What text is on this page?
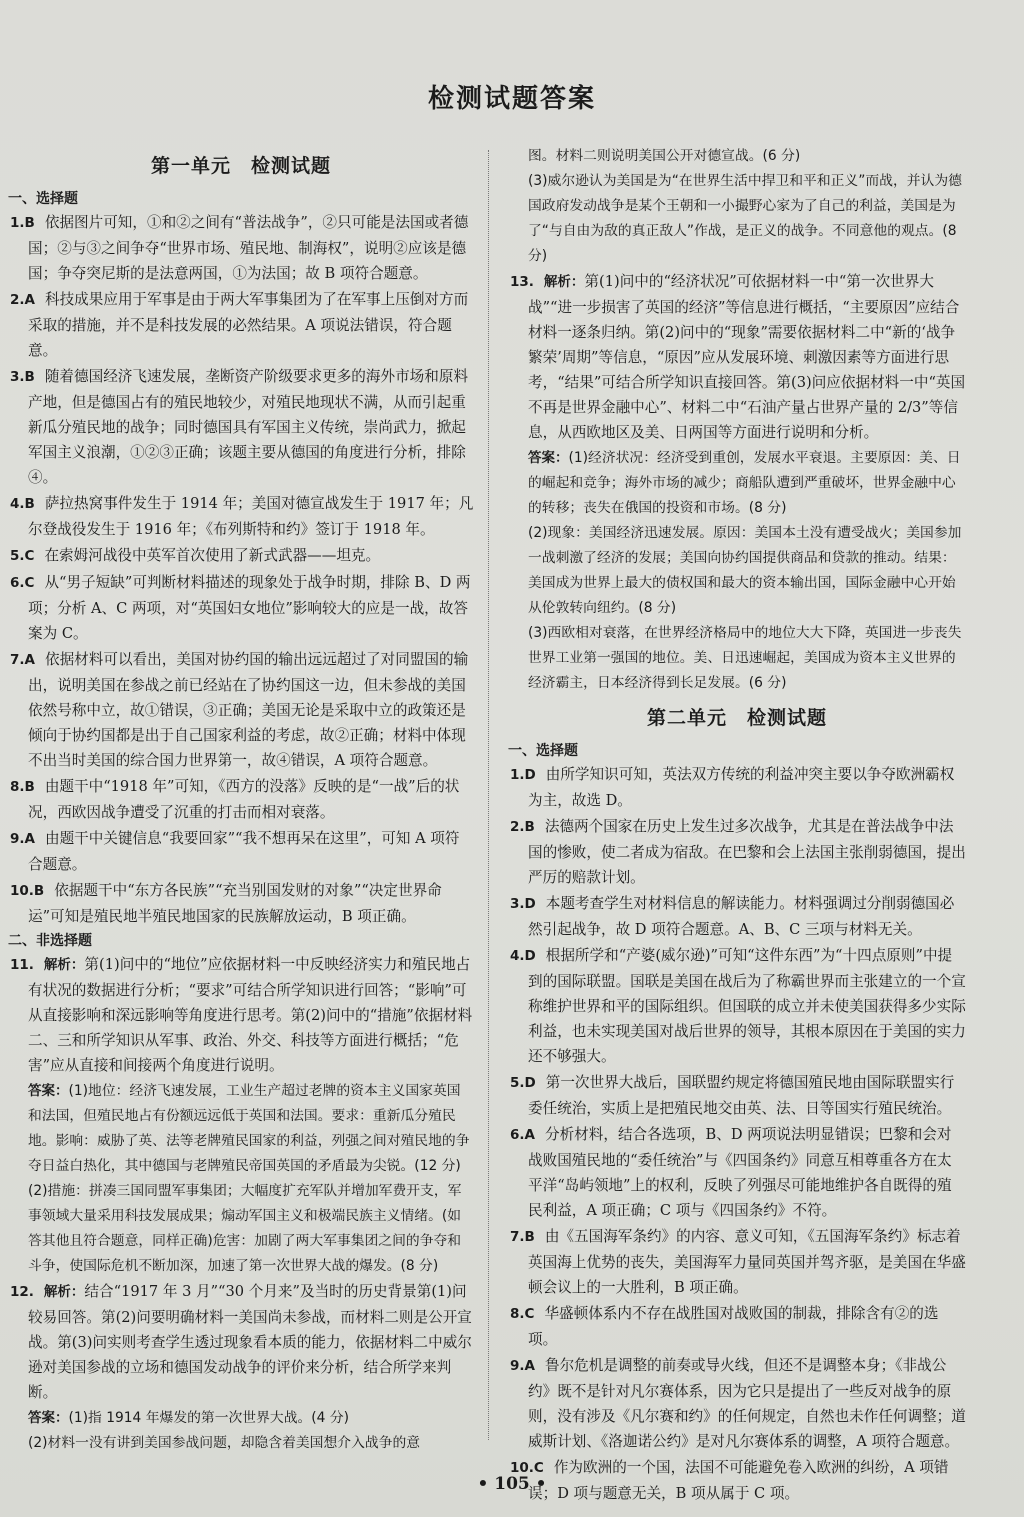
检测试题答案
第一单元　检测试题
一、选择题
1.B 依据图片可知，①和②之间有“普法战争”，②只可能是法国或者德国；②与③之间争夺“世界市场、殖民地、制海权”，说明②应该是德国；争夺突尼斯的是法意两国，①为法国；故 B 项符合题意。
2.A 科技成果应用于军事是由于两大军事集团为了在军事上压倒对方而采取的措施，并不是科技发展的必然结果。A 项说法错误，符合题意。
3.B 随着德国经济飞速发展，垄断资产阶级要求更多的海外市场和原料产地，但是德国占有的殖民地较少，对殖民地现状不满，从而引起重新瓜分殖民地的战争；同时德国具有军国主义传统，崇尚武力，掀起军国主义浪潮，①②③正确；该题主要从德国的角度进行分析，排除④。
4.B 萨拉热窝事件发生于 1914 年；美国对德宣战发生于 1917 年；凡尔登战役发生于 1916 年；《布列斯特和约》签订于 1918 年。
5.C 在索姆河战役中英军首次使用了新式武器——坦克。
6.C 从“男子短缺”可判断材料描述的现象处于战争时期，排除 B、D 两项；分析 A、C 两项，对“英国妇女地位”影响较大的应是一战，故答案为 C。
7.A 依据材料可以看出，美国对协约国的输出远远超过了对同盟国的输出，说明美国在参战之前已经站在了协约国这一边，但未参战的美国依然号称中立，故①错误，③正确；美国无论是采取中立的政策还是倾向于协约国都是出于自己国家利益的考虑，故②正确；材料中体现不出当时美国的综合国力世界第一，故④错误，A 项符合题意。
8.B 由题干中“1918 年”可知，《西方的没落》反映的是“一战”后的状况，西欧因战争遭受了沉重的打击而相对衰落。
9.A 由题干中关键信息“我要回家”“我不想再呆在这里”，可知 A 项符合题意。
10.B 依据题干中“东方各民族”“充当别国发财的对象”“决定世界命运”可知是殖民地半殖民地国家的民族解放运动，B 项正确。
二、非选择题
11. 解析：第(1)问中的“地位”应依据材料一中反映经济实力和殖民地占有状况的数据进行分析；“要求”可结合所学知识进行回答；“影响”可从直接影响和深远影响等角度进行思考。第(2)问中的“措施”依据材料二、三和所学知识从军事、政治、外交、科技等方面进行概括；“危害”应从直接和间接两个角度进行说明。
答案：(1)地位：经济飞速发展，工业生产超过老牌的资本主义国家英国和法国，但殖民地占有份额远远低于英国和法国。要求：重新瓜分殖民地。影响：威胁了英、法等老牌殖民国家的利益，列强之间对殖民地的争夺日益白热化，其中德国与老牌殖民帝国英国的矛盾最为尖锐。(12 分)
(2)措施：拼凑三国同盟军事集团；大幅度扩充军队并增加军费开支，军事领域大量采用科技发展成果；煽动军国主义和极端民族主义情绪。(如答其他且符合题意，同样正确)危害：加剧了两大军事集团之间的争夺和斗争，使国际危机不断加深，加速了第一次世界大战的爆发。(8 分)
12. 解析：结合“1917 年 3 月”“30 个月来”及当时的历史背景第(1)问较易回答。第(2)问要明确材料一美国尚未参战，而材料二则是公开宣战。第(3)问实则考查学生透过现象看本质的能力，依据材料二中威尔逊对美国参战的立场和德国发动战争的评价来分析，结合所学来判断。
答案：(1)指 1914 年爆发的第一次世界大战。(4 分)
(2)材料一没有讲到美国参战问题，却隐含着美国想介入战争的意
图。材料二则说明美国公开对德宣战。(6 分)
(3)威尔逊认为美国是为“在世界生活中捍卫和平和正义”而战，并认为德国政府发动战争是某个王朝和一小撮野心家为了自己的利益，美国是为了“与自由为敌的真正敌人”作战，是正义的战争。不同意他的观点。(8 分)
13. 解析：第(1)问中的“经济状况”可依据材料一中“第一次世界大战”“进一步损害了英国的经济”等信息进行概括，“主要原因”应结合材料一逐条归纳。第(2)问中的“现象”需要依据材料二中“新的‘战争繁荣’周期”等信息，“原因”应从发展环境、刺激因素等方面进行思考，“结果”可结合所学知识直接回答。第(3)问应依据材料一中“英国不再是世界金融中心”、材料二中“石油产量占世界产量的 2/3”等信息，从西欧地区及美、日两国等方面进行说明和分析。
答案：(1)经济状况：经济受到重创，发展水平衰退。主要原因：美、日的崛起和竞争；海外市场的减少；商船队遭到严重破坏，世界金融中心的转移；丧失在俄国的投资和市场。(8 分)
(2)现象：美国经济迅速发展。原因：美国本土没有遭受战火；美国参加一战刺激了经济的发展；美国向协约国提供商品和贷款的推动。结果：美国成为世界上最大的债权国和最大的资本输出国，国际金融中心开始从伦敦转向纽约。(8 分)
(3)西欧相对衰落，在世界经济格局中的地位大大下降，英国进一步丧失世界工业第一强国的地位。美、日迅速崛起，美国成为资本主义世界的经济霸主，日本经济得到长足发展。(6 分)
第二单元　检测试题
一、选择题
1.D 由所学知识可知，英法双方传统的利益冲突主要以争夺欧洲霸权为主，故选 D。
2.B 法德两个国家在历史上发生过多次战争，尤其是在普法战争中法国的惨败，使二者成为宿敌。在巴黎和会上法国主张削弱德国，提出严厉的赔款计划。
3.D 本题考查学生对材料信息的解读能力。材料强调过分削弱德国必然引起战争，故 D 项符合题意。A、B、C 三项与材料无关。
4.D 根据所学和“产婆(威尔逊)”可知“这件东西”为“十四点原则”中提到的国际联盟。国联是美国在战后为了称霸世界而主张建立的一个宣称维护世界和平的国际组织。但国联的成立并未使美国获得多少实际利益，也未实现美国对战后世界的领导，其根本原因在于美国的实力还不够强大。
5.D 第一次世界大战后，国联盟约规定将德国殖民地由国际联盟实行委任统治，实质上是把殖民地交由英、法、日等国实行殖民统治。
6.A 分析材料，结合各选项，B、D 两项说法明显错误；巴黎和会对战败国殖民地的“委任统治”与《四国条约》同意互相尊重各方在太平洋“岛屿领地”上的权利，反映了列强尽可能地维护各自既得的殖民利益，A 项正确；C 项与《四国条约》不符。
7.B 由《五国海军条约》的内容、意义可知，《五国海军条约》标志着英国海上优势的丧失，美国海军力量同英国并驾齐驱，是美国在华盛顿会议上的一大胜利，B 项正确。
8.C 华盛顿体系内不存在战胜国对战败国的制裁，排除含有②的选项。
9.A 鲁尔危机是调整的前奏或导火线，但还不是调整本身；《非战公约》既不是针对凡尔赛体系，因为它只是提出了一些反对战争的原则，没有涉及《凡尔赛和约》的任何规定，自然也未作任何调整；道威斯计划、《洛迦诺公约》是对凡尔赛体系的调整，A 项符合题意。
10.C 作为欧洲的一个国，法国不可能避免卷入欧洲的纠纷，A 项错误；D 项与题意无关，B 项从属于 C 项。
• 105 •
